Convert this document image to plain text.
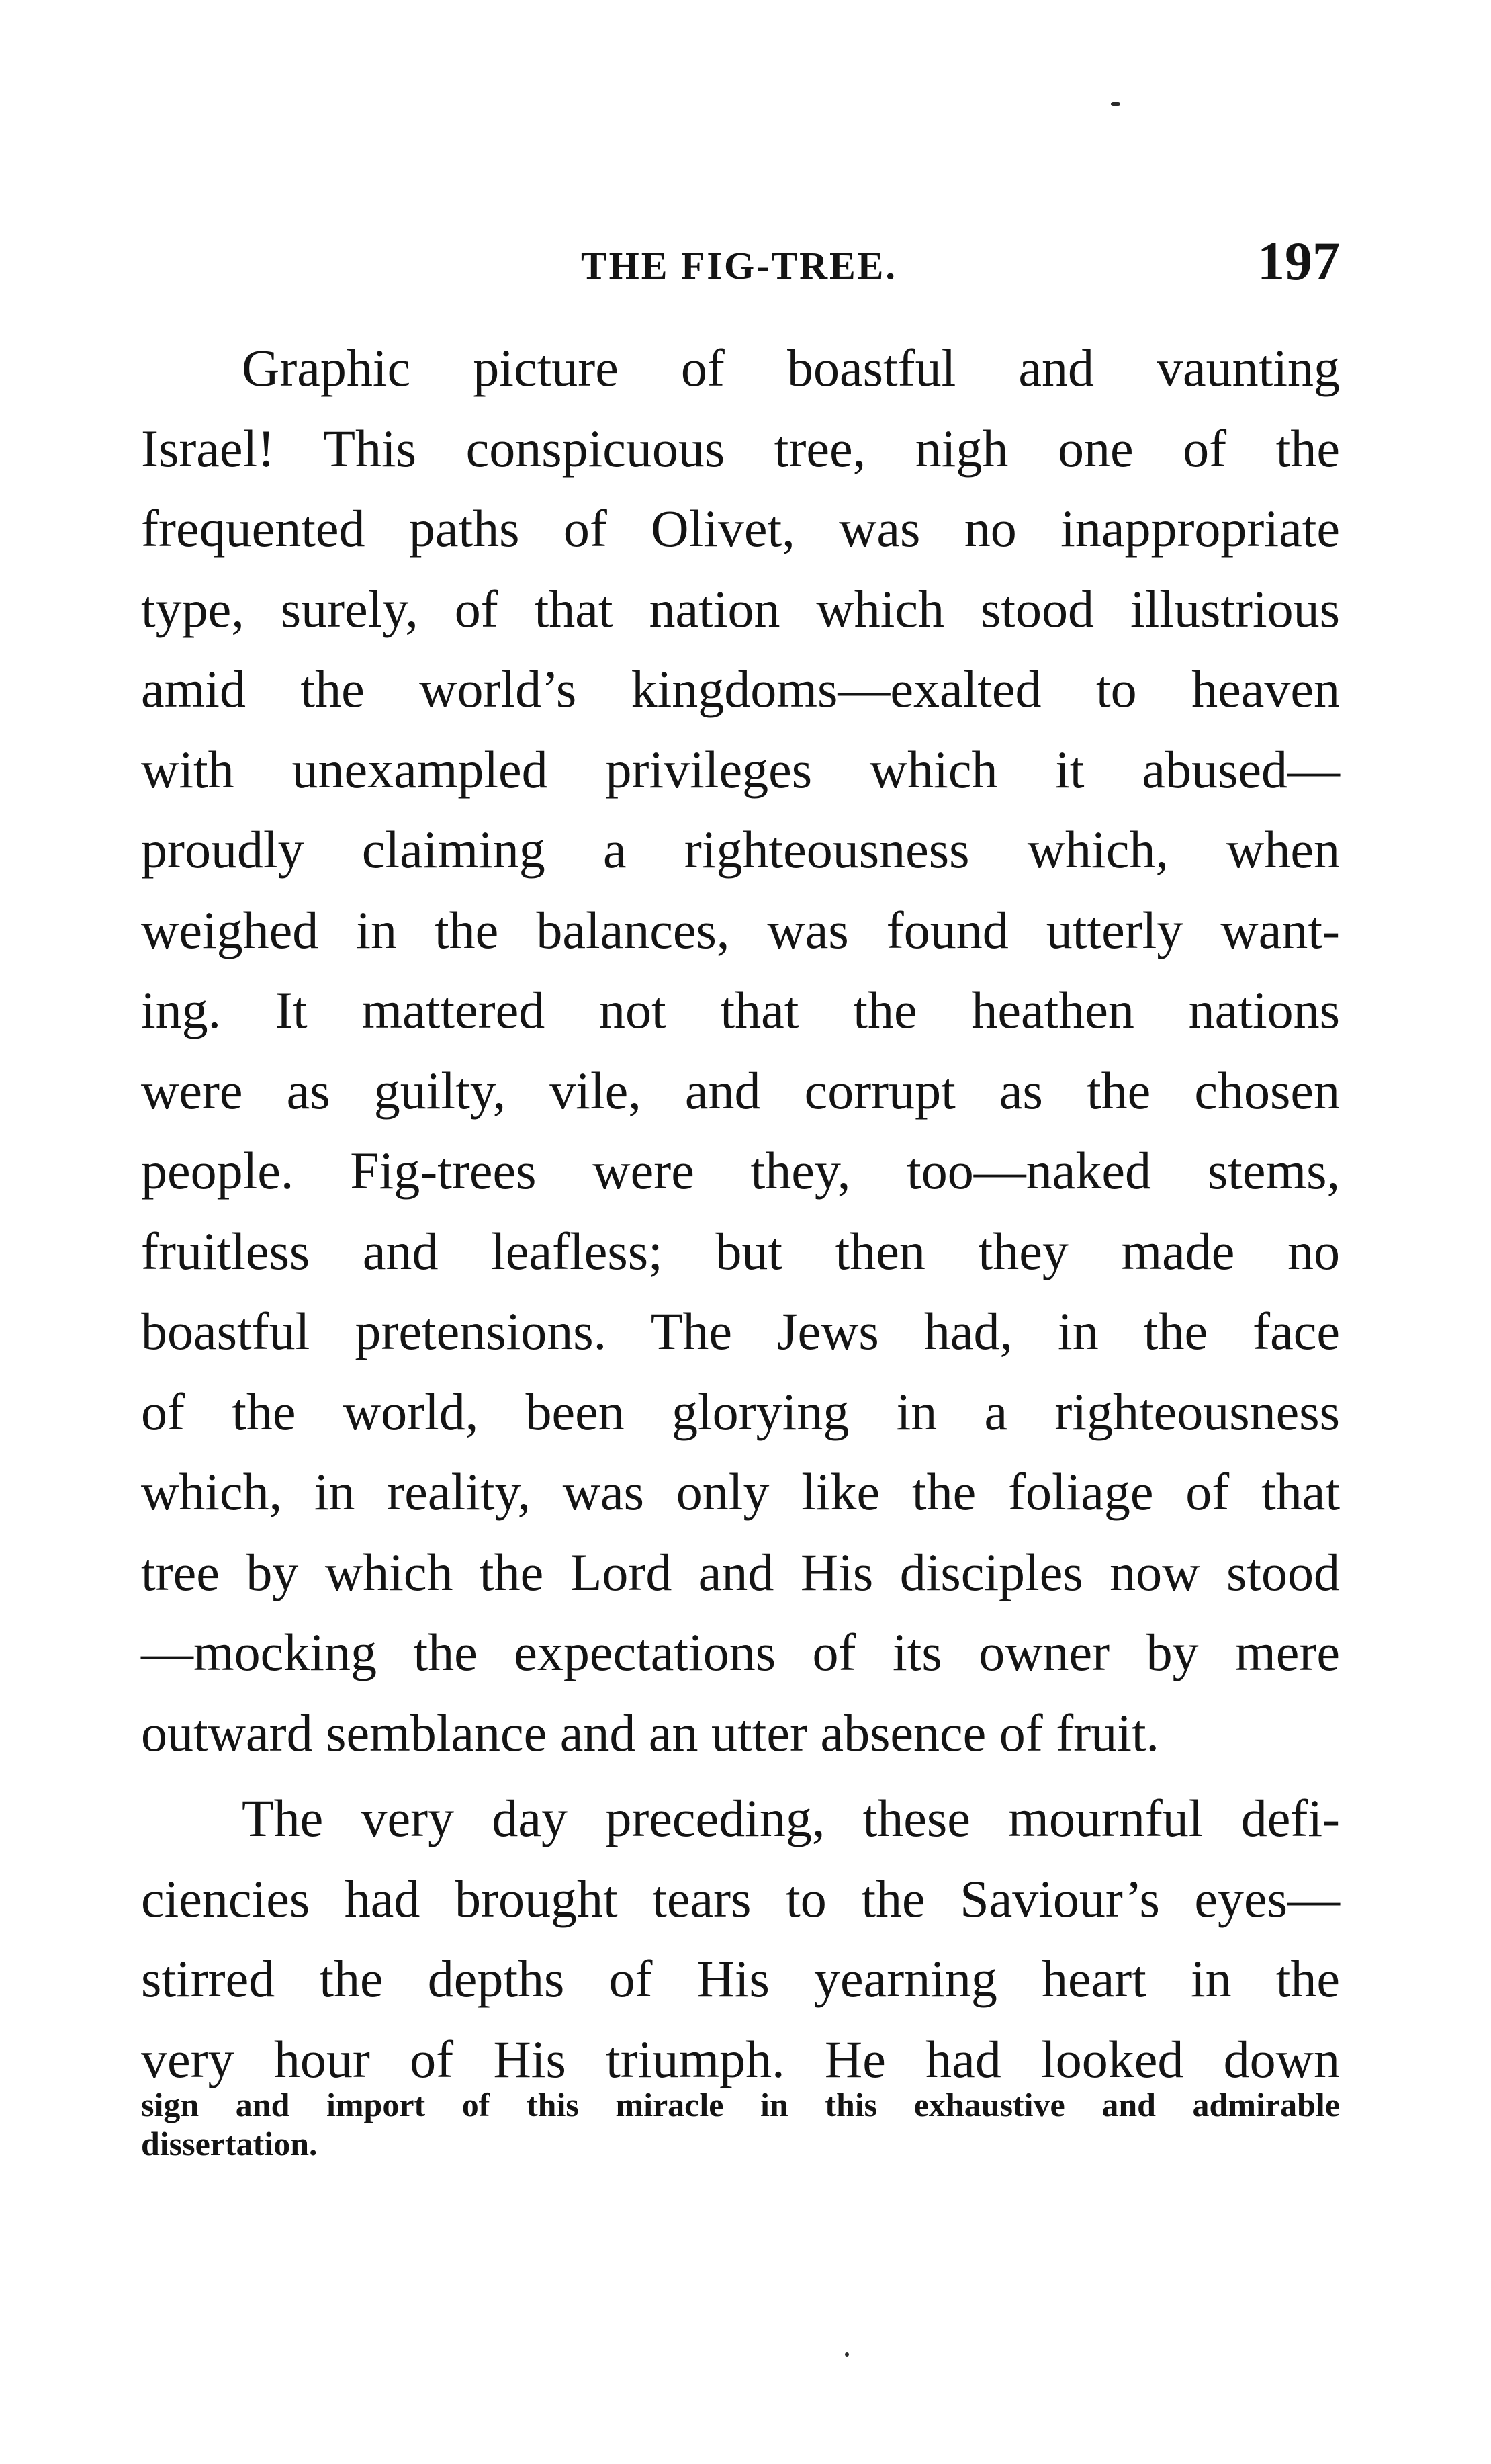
THE FIG-TREE.	197
Graphic picture of boastful and vaunting
Israel! This conspicuous tree, nigh one of the
frequented paths of Olivet, was no inappropriate
type, surely, of that nation which stood illustrious
amid the world’s kingdoms—exalted to heaven
with unexampled privileges which it abused—
proudly claiming a righteousness which, when
weighed in the balances, was found utterly want-
ing. It mattered not that the heathen nations
were as guilty, vile, and corrupt as the chosen
people. Fig-trees were they, too—naked stems,
fruitless and leafless; but then they made no
boastful pretensions. The Jews had, in the face
of the world, been glorying in a righteousness
which, in reality, was only like the foliage of that
tree by which the Lord and His disciples now stood
—mocking the expectations of its owner by mere
outward semblance and an utter absence of fruit.
The very day preceding, these mournful defi-
ciencies had brought tears to the Saviour’s eyes—
stirred the depths of His yearning heart in the
very hour of His triumph. He had looked down
sign and import of this miracle in this exhaustive and admirable
dissertation.
